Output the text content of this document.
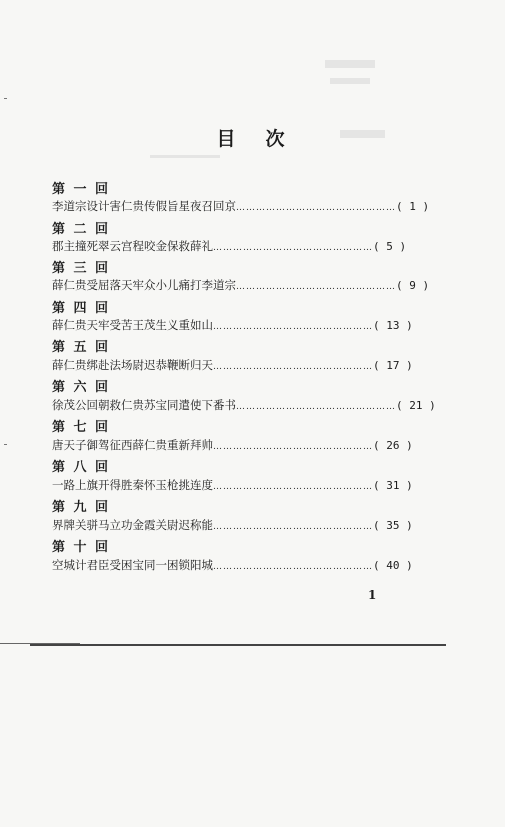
目 次
第 一 回
李道宗设计害仁贵 传假旨星夜召回京 ………………………………………… ( 1 )
第 二 回
郡主撞死翠云宫 程咬金保救薛礼 ………………………………………… ( 5 )
第 三 回
薛仁贵受屈落天牢 众小儿痛打李道宗 ………………………………………… ( 9 )
第 四 回
薛仁贵天牢受苦 王茂生义重如山 ………………………………………… ( 13 )
第 五 回
薛仁贵绑赴法场 尉迟恭鞭断归天 ………………………………………… ( 17 )
第 六 回
徐茂公回朝救仁贵 苏宝同遣使下番书 ………………………………………… ( 21 )
第 七 回
唐天子御驾征西 薛仁贵重新拜帅 ………………………………………… ( 26 )
第 八 回
一路上旗开得胜 秦怀玉枪挑连度 ………………………………………… ( 31 )
第 九 回
界牌关骈马立功 金霞关尉迟称能 ………………………………………… ( 35 )
第 十 回
空城计君臣受困 宝同一困锁阳城 ………………………………………… ( 40 )
1
